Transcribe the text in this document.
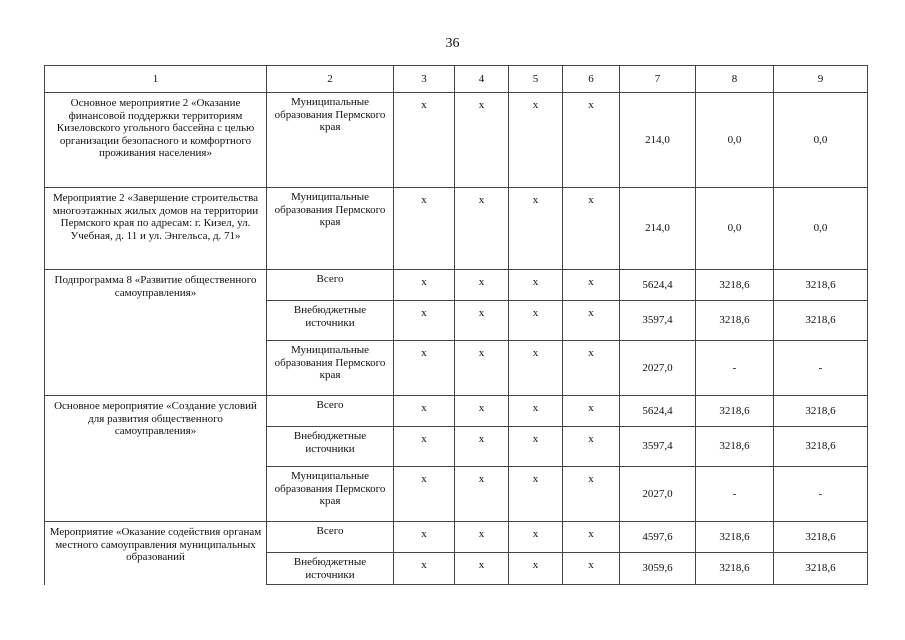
36
1	2	3	4	5	6	7	8	9
Основное мероприятие 2 «Оказание финансовой поддержки территориям Кизеловского угольного бассейна с целью организации безопасного и комфортного проживания населения»	Муниципальные образования Пермского края	x	x	x	x	214,0	0,0	0,0
Мероприятие 2 «Завершение строительства многоэтажных жилых домов на территории Пермского края по адресам: г. Кизел, ул. Учебная, д. 11 и ул. Энгельса, д. 71»	Муниципальные образования Пермского края	x	x	x	x	214,0	0,0	0,0
Подпрограмма 8 «Развитие общественного самоуправления»	Всего	x	x	x	x	5624,4	3218,6	3218,6
	Внебюджетные источники	x	x	x	x	3597,4	3218,6	3218,6
	Муниципальные образования Пермского края	x	x	x	x	2027,0	-	-
Основное мероприятие «Создание условий для развития общественного самоуправления»	Всего	x	x	x	x	5624,4	3218,6	3218,6
	Внебюджетные источники	x	x	x	x	3597,4	3218,6	3218,6
	Муниципальные образования Пермского края	x	x	x	x	2027,0	-	-
Мероприятие «Оказание содействия органам местного самоуправления муниципальных образований	Всего	x	x	x	x	4597,6	3218,6	3218,6
	Внебюджетные источники	x	x	x	x	3059,6	3218,6	3218,6
